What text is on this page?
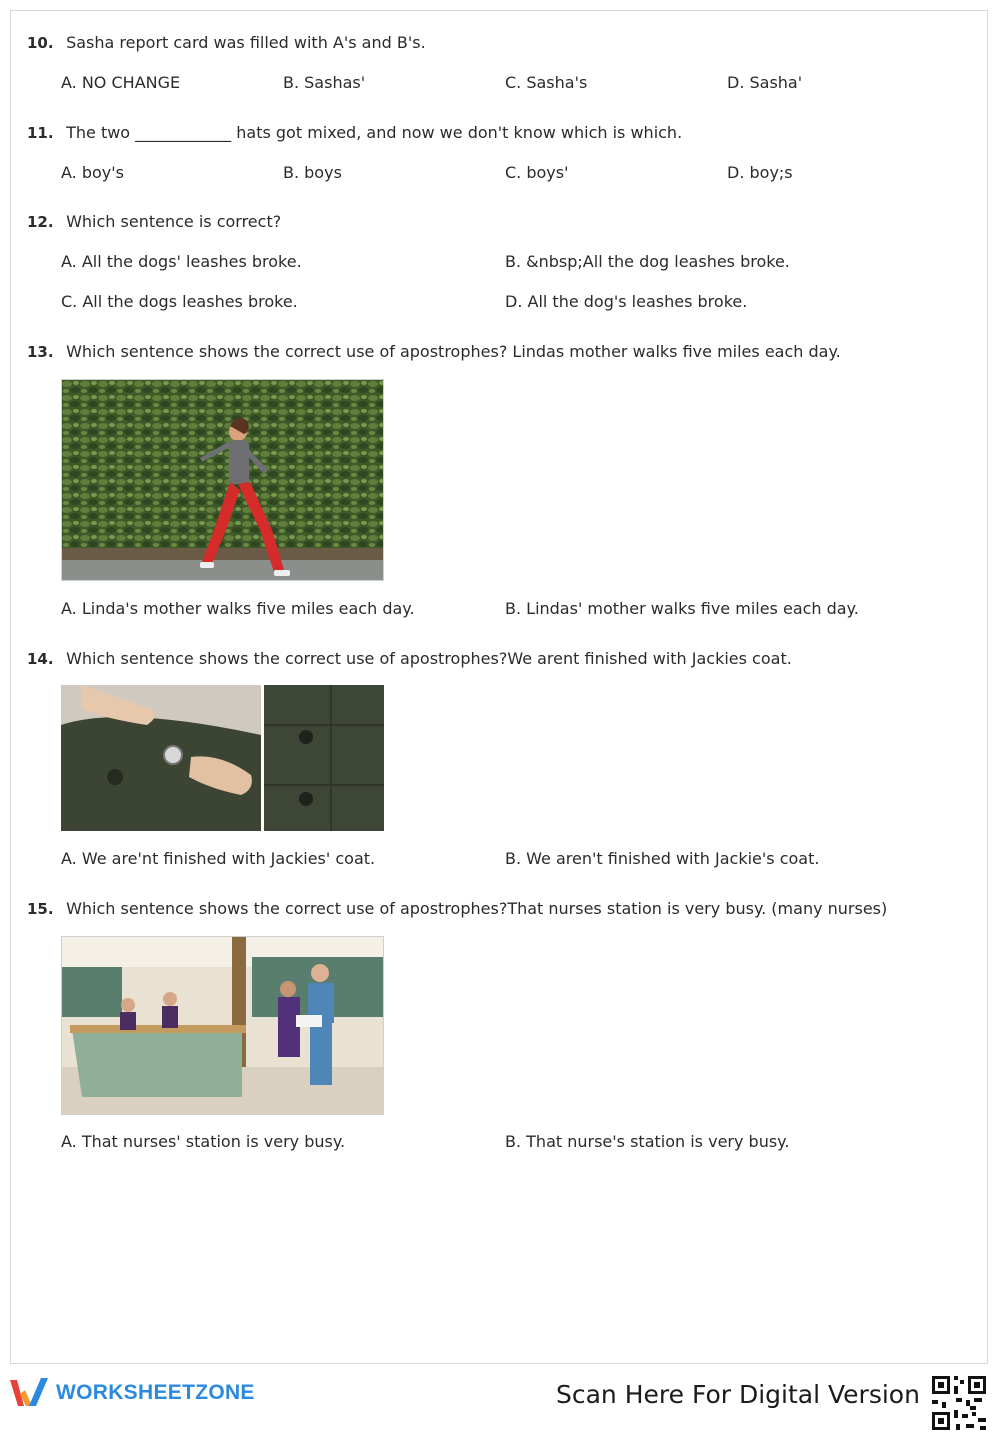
10. Sasha report card was filled with A's and B's.
A. NO CHANGE	B. Sashas'	C. Sasha's	D. Sasha'
11. The two ____________ hats got mixed, and now we don't know which is which.
A. boy's	B. boys	C. boys'	D. boy;s
12. Which sentence is correct?
A. All the dogs' leashes broke.	B. &nbsp;All the dog leashes broke.
C. All the dogs leashes broke.	D. All the dog's leashes broke.
13. Which sentence shows the correct use of apostrophes? Lindas mother walks five miles each day.
A. Linda's mother walks five miles each day.	B. Lindas' mother walks five miles each day.
14. Which sentence shows the correct use of apostrophes?We arent finished with Jackies coat.
A. We are'nt finished with Jackies' coat.	B. We aren't finished with Jackie's coat.
15. Which sentence shows the correct use of apostrophes?That nurses station is very busy. (many nurses)
A. That nurses' station is very busy.	B. That nurse's station is very busy.
WORKSHEETZONE	Scan Here For Digital Version
